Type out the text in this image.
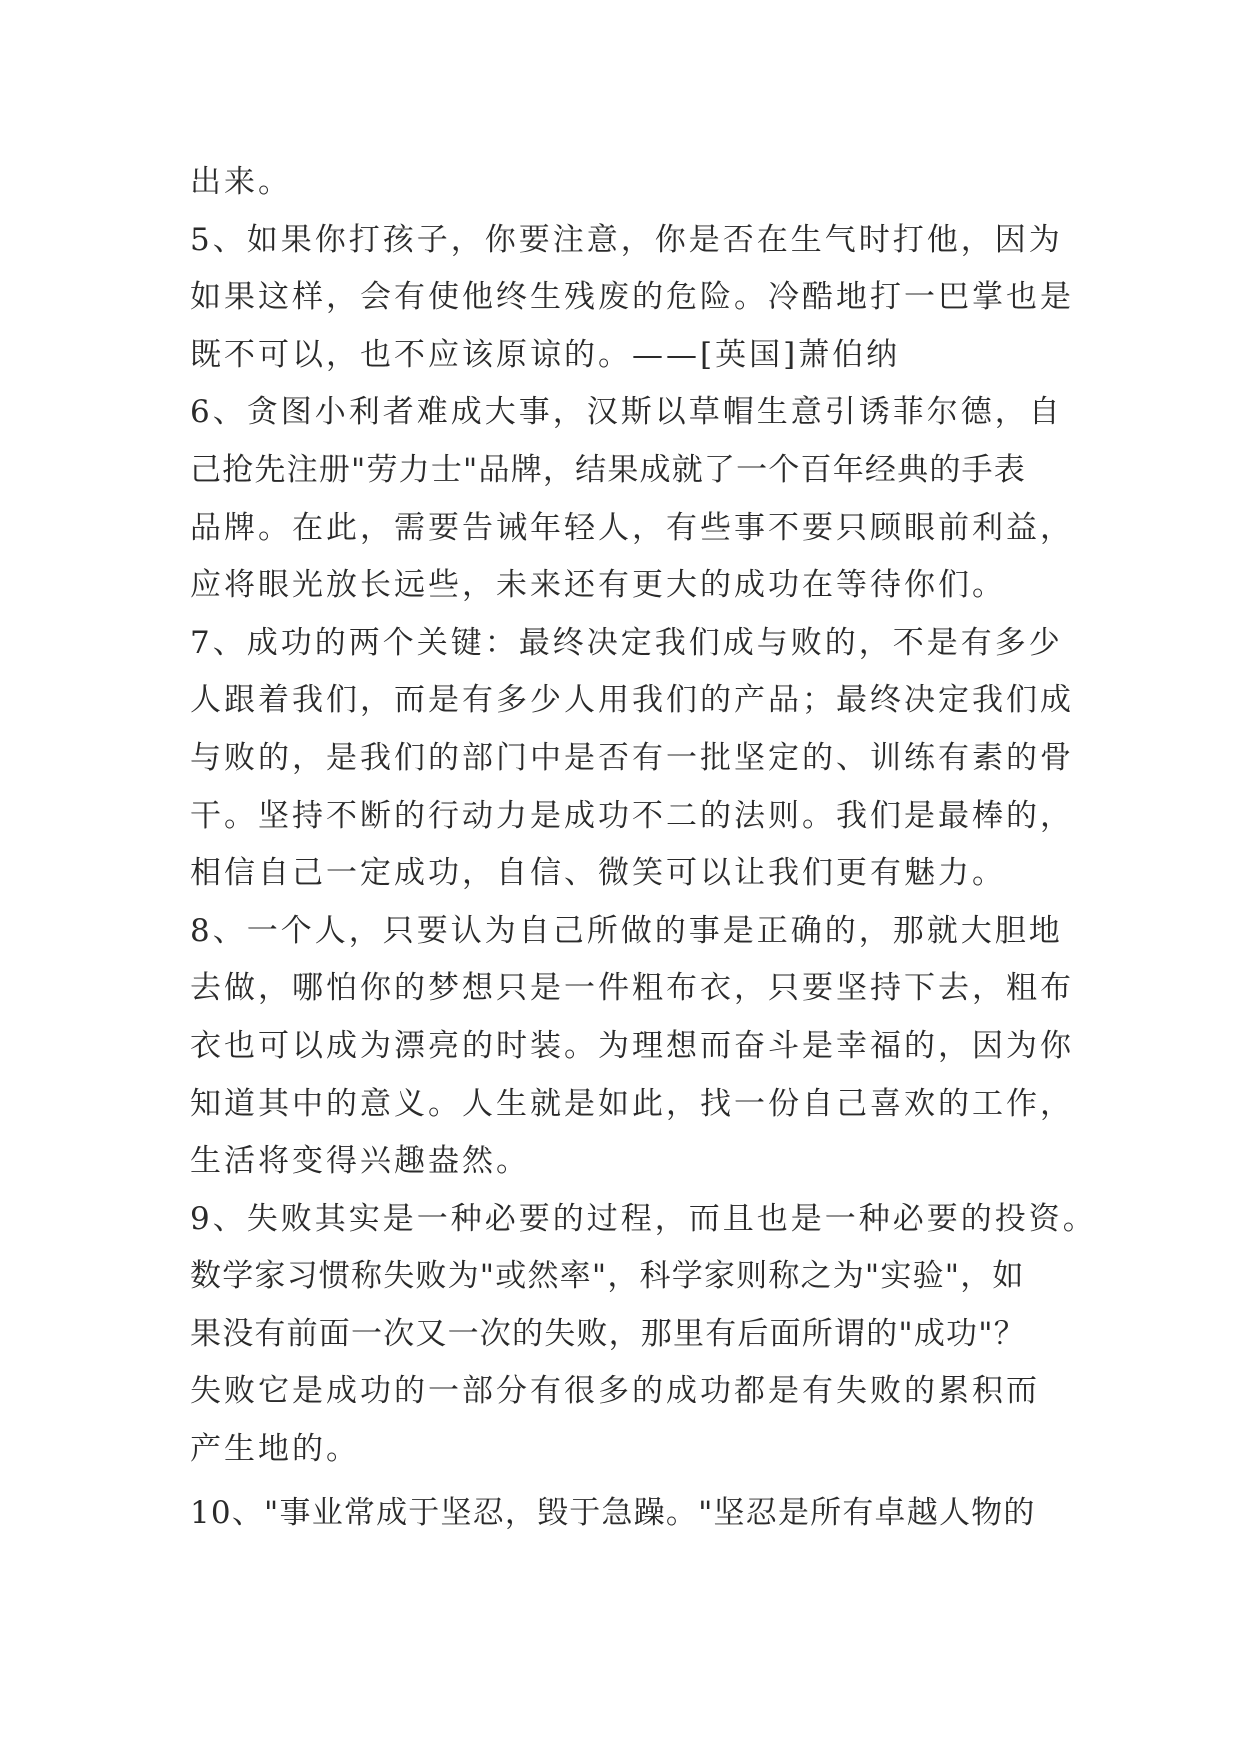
出来。
5、如果你打孩子，你要注意，你是否在生气时打他，因为
如果这样，会有使他终生残废的危险。冷酷地打一巴掌也是
既不可以，也不应该原谅的。——[英国]萧伯纳
6、贪图小利者难成大事，汉斯以草帽生意引诱菲尔德，自
己抢先注册"劳力士"品牌，结果成就了一个百年经典的手表
品牌。在此，需要告诫年轻人，有些事不要只顾眼前利益，
应将眼光放长远些，未来还有更大的成功在等待你们。
7、成功的两个关键：最终决定我们成与败的，不是有多少
人跟着我们，而是有多少人用我们的产品；最终决定我们成
与败的，是我们的部门中是否有一批坚定的、训练有素的骨
干。坚持不断的行动力是成功不二的法则。我们是最棒的，
相信自己一定成功，自信、微笑可以让我们更有魅力。
8、一个人，只要认为自己所做的事是正确的，那就大胆地
去做，哪怕你的梦想只是一件粗布衣，只要坚持下去，粗布
衣也可以成为漂亮的时装。为理想而奋斗是幸福的，因为你
知道其中的意义。人生就是如此，找一份自己喜欢的工作，
生活将变得兴趣盎然。
9、失败其实是一种必要的过程，而且也是一种必要的投资。
数学家习惯称失败为"或然率"，科学家则称之为"实验"，如
果没有前面一次又一次的失败，那里有后面所谓的"成功"？
失败它是成功的一部分有很多的成功都是有失败的累积而
产生地的。
10、"事业常成于坚忍，毁于急躁。"坚忍是所有卓越人物的
